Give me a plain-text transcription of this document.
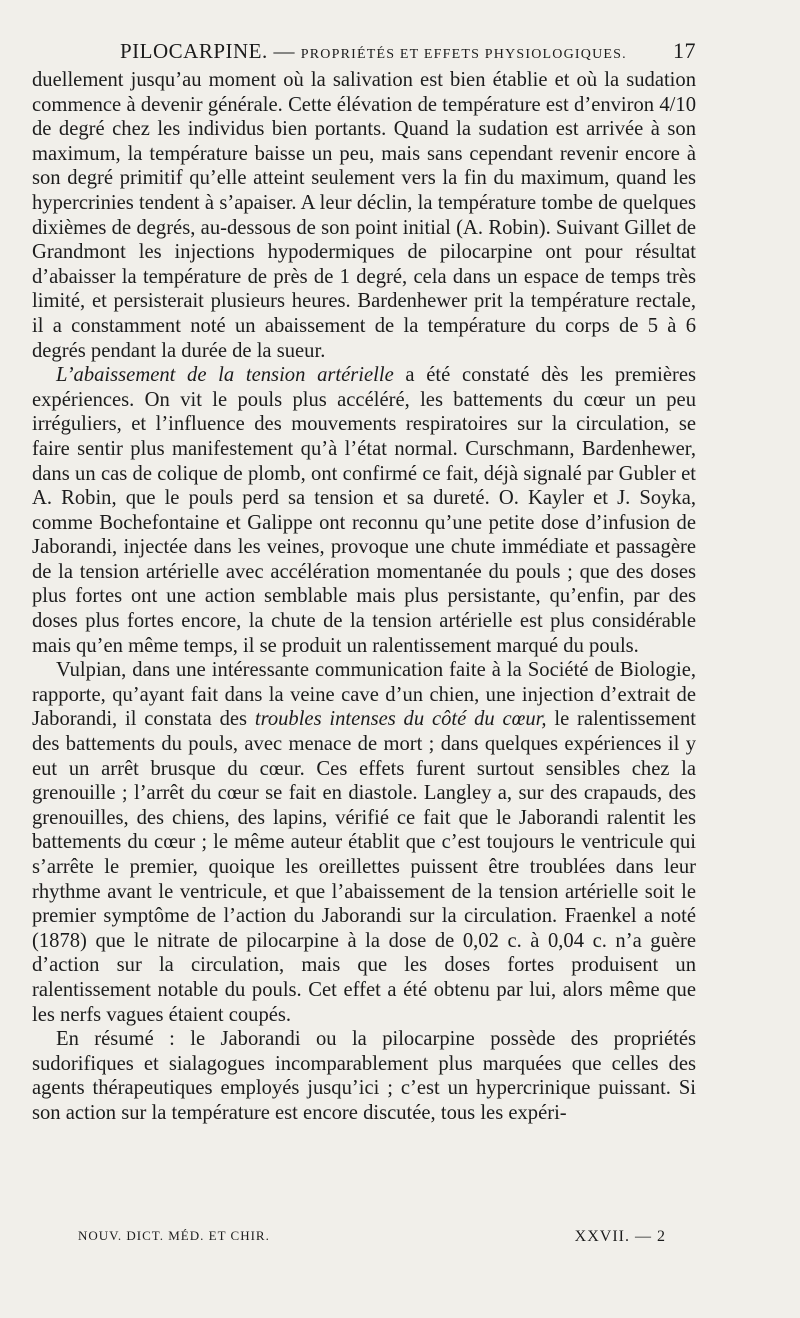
PILOCARPINE. — PROPRIÉTÉS ET EFFETS PHYSIOLOGIQUES. 17

duellement jusqu’au moment où la salivation est bien établie et où la sudation commence à devenir générale. Cette élévation de température est d’environ 4/10 de degré chez les individus bien portants. Quand la sudation est arrivée à son maximum, la température baisse un peu, mais sans cependant revenir encore à son degré primitif qu’elle atteint seulement vers la fin du maximum, quand les hypercrinies tendent à s’apaiser. A leur déclin, la température tombe de quelques dixièmes de degrés, au-dessous de son point initial (A. Robin). Suivant Gillet de Grandmont les injections hypodermiques de pilocarpine ont pour résultat d’abaisser la température de près de 1 degré, cela dans un espace de temps très limité, et persisterait plusieurs heures. Bardenhewer prit la température rectale, il a constamment noté un abaissement de la température du corps de 5 à 6 degrés pendant la durée de la sueur.

L’abaissement de la tension artérielle a été constaté dès les premières expériences. On vit le pouls plus accéléré, les battements du cœur un peu irréguliers, et l’influence des mouvements respiratoires sur la circulation, se faire sentir plus manifestement qu’à l’état normal. Curschmann, Bardenhewer, dans un cas de colique de plomb, ont confirmé ce fait, déjà signalé par Gubler et A. Robin, que le pouls perd sa tension et sa dureté. O. Kayler et J. Soyka, comme Bochefontaine et Galippe ont reconnu qu’une petite dose d’infusion de Jaborandi, injectée dans les veines, provoque une chute immédiate et passagère de la tension artérielle avec accélération momentanée du pouls ; que des doses plus fortes ont une action semblable mais plus persistante, qu’enfin, par des doses plus fortes encore, la chute de la tension artérielle est plus considérable mais qu’en même temps, il se produit un ralentissement marqué du pouls.

Vulpian, dans une intéressante communication faite à la Société de Biologie, rapporte, qu’ayant fait dans la veine cave d’un chien, une injection d’extrait de Jaborandi, il constata des troubles intenses du côté du cœur, le ralentissement des battements du pouls, avec menace de mort ; dans quelques expériences il y eut un arrêt brusque du cœur. Ces effets furent surtout sensibles chez la grenouille ; l’arrêt du cœur se fait en diastole. Langley a, sur des crapauds, des grenouilles, des chiens, des lapins, vérifié ce fait que le Jaborandi ralentit les battements du cœur ; le même auteur établit que c’est toujours le ventricule qui s’arrête le premier, quoique les oreillettes puissent être troublées dans leur rhythme avant le ventricule, et que l’abaissement de la tension artérielle soit le premier symptôme de l’action du Jaborandi sur la circulation. Fraenkel a noté (1878) que le nitrate de pilocarpine à la dose de 0,02 c. à 0,04 c. n’a guère d’action sur la circulation, mais que les doses fortes produisent un ralentissement notable du pouls. Cet effet a été obtenu par lui, alors même que les nerfs vagues étaient coupés.

En résumé : le Jaborandi ou la pilocarpine possède des propriétés sudorifiques et sialagogues incomparablement plus marquées que celles des agents thérapeutiques employés jusqu’ici ; c’est un hypercrinique puissant. Si son action sur la température est encore discutée, tous les expéri-

NOUV. DICT. MÉD. ET CHIR.	XXVII. — 2
